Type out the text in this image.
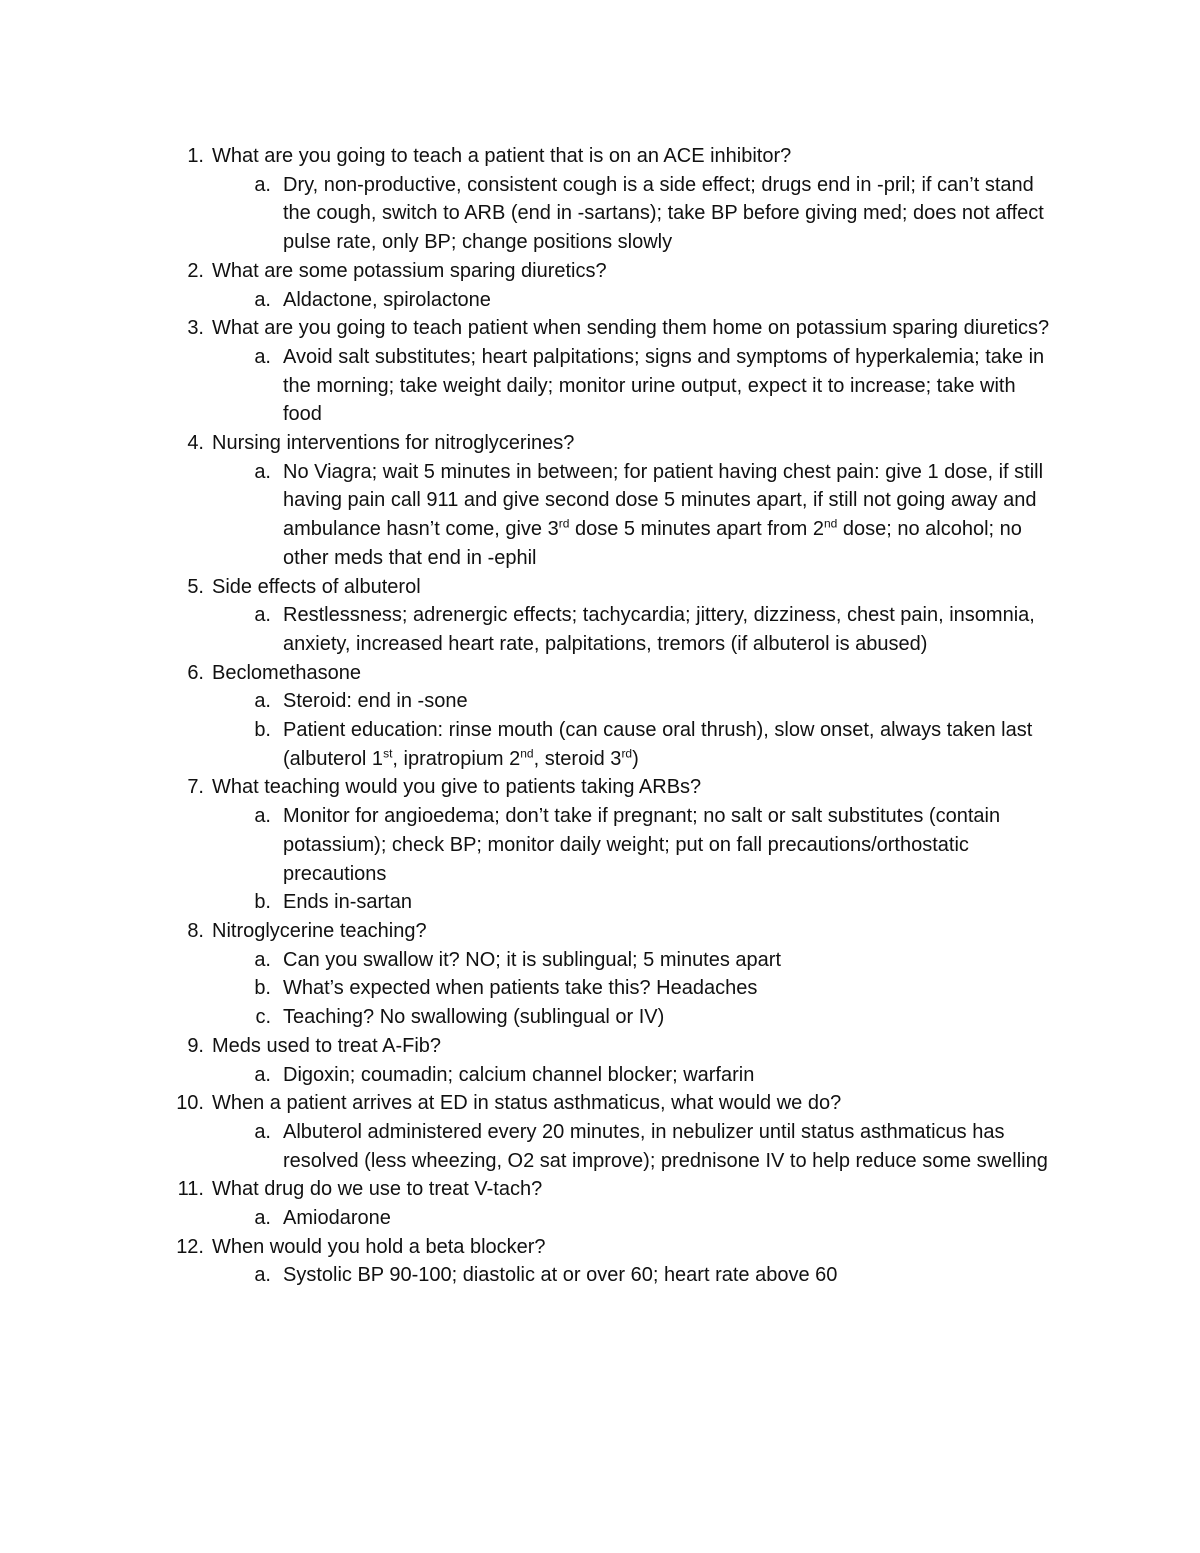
1. What are you going to teach a patient that is on an ACE inhibitor?
a. Dry, non-productive, consistent cough is a side effect; drugs end in -pril; if can’t stand the cough, switch to ARB (end in -sartans); take BP before giving med; does not affect pulse rate, only BP; change positions slowly
2. What are some potassium sparing diuretics?
a. Aldactone, spirolactone
3. What are you going to teach patient when sending them home on potassium sparing diuretics?
a. Avoid salt substitutes; heart palpitations; signs and symptoms of hyperkalemia; take in the morning; take weight daily; monitor urine output, expect it to increase; take with food
4. Nursing interventions for nitroglycerines?
a. No Viagra; wait 5 minutes in between; for patient having chest pain: give 1 dose, if still having pain call 911 and give second dose 5 minutes apart, if still not going away and ambulance hasn’t come, give 3rd dose 5 minutes apart from 2nd dose; no alcohol; no other meds that end in -ephil
5. Side effects of albuterol
a. Restlessness; adrenergic effects; tachycardia; jittery, dizziness, chest pain, insomnia, anxiety, increased heart rate, palpitations, tremors (if albuterol is abused)
6. Beclomethasone
a. Steroid: end in -sone
b. Patient education: rinse mouth (can cause oral thrush), slow onset, always taken last (albuterol 1st, ipratropium 2nd, steroid 3rd)
7. What teaching would you give to patients taking ARBs?
a. Monitor for angioedema; don’t take if pregnant; no salt or salt substitutes (contain potassium); check BP; monitor daily weight; put on fall precautions/orthostatic precautions
b. Ends in-sartan
8. Nitroglycerine teaching?
a. Can you swallow it? NO; it is sublingual; 5 minutes apart
b. What’s expected when patients take this? Headaches
c. Teaching? No swallowing (sublingual or IV)
9. Meds used to treat A-Fib?
a. Digoxin; coumadin; calcium channel blocker; warfarin
10. When a patient arrives at ED in status asthmaticus, what would we do?
a. Albuterol administered every 20 minutes, in nebulizer until status asthmaticus has resolved (less wheezing, O2 sat improve); prednisone IV to help reduce some swelling
11. What drug do we use to treat V-tach?
a. Amiodarone
12. When would you hold a beta blocker?
a. Systolic BP 90-100; diastolic at or over 60; heart rate above 60
